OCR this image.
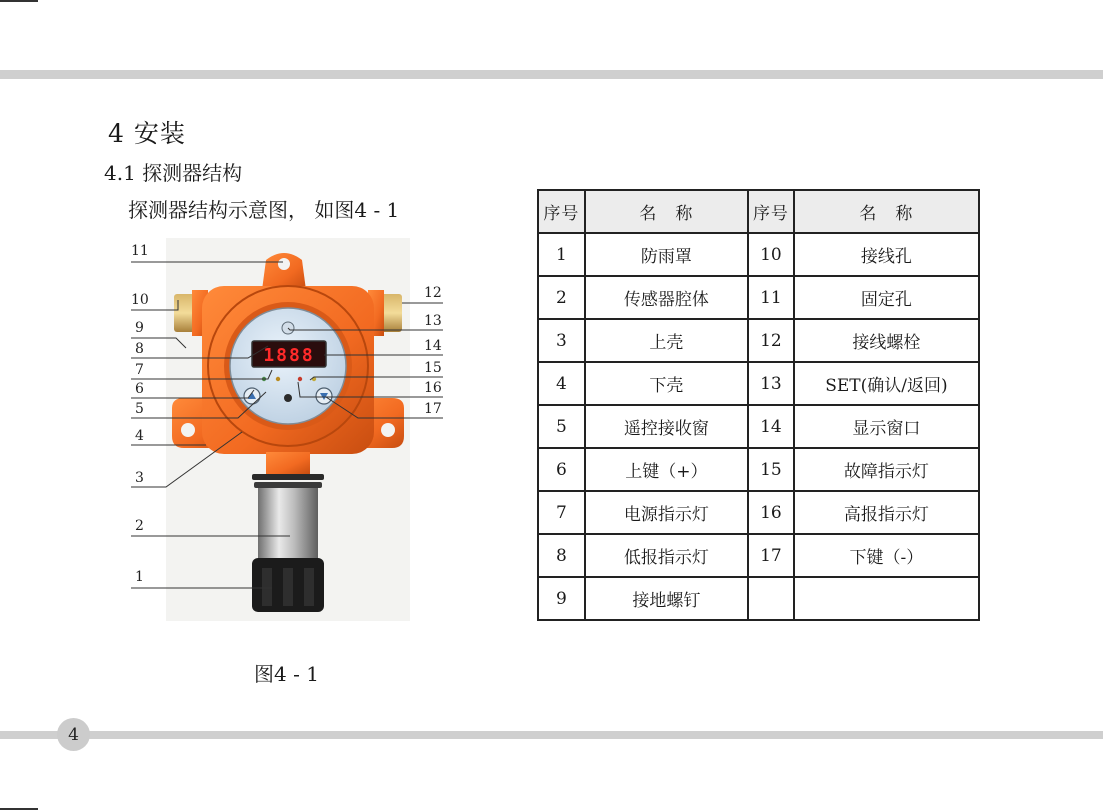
4 安装
4.1 探测器结构
探测器结构示意图， 如图4 - 1
1888
11
10
9
8
7
6
5
4
3
2
1
12
13
14
15
16
17
图4 - 1
序号	名　称	序号	名　称
1	防雨罩	10	接线孔
2	传感器腔体	11	固定孔
3	上壳	12	接线螺栓
4	下壳	13	SET(确认/返回)
5	遥控接收窗	14	显示窗口
6	上键（+）	15	故障指示灯
7	电源指示灯	16	高报指示灯
8	低报指示灯	17	下键（-）
9	接地螺钉		
4
